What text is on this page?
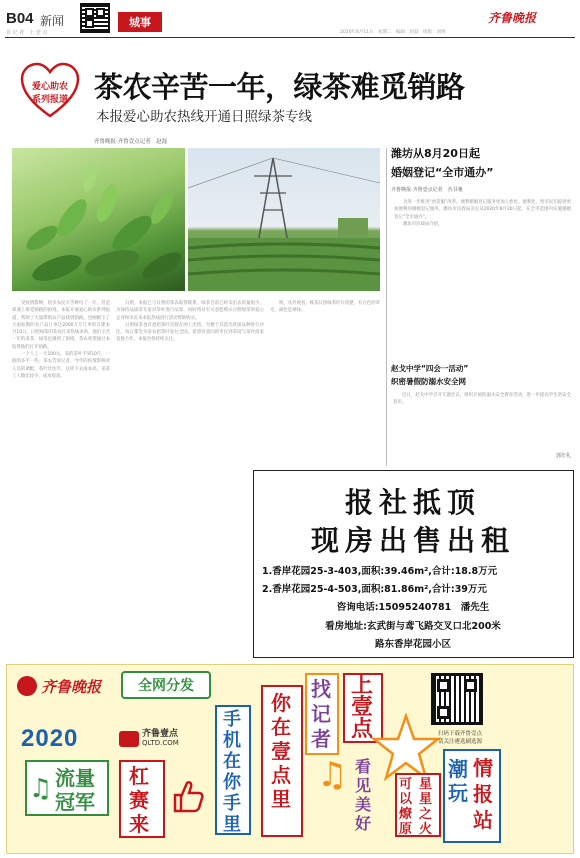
B04 新闻
首 记 者　上 壹 点
城事	齐鲁晚报
2020年8月11日　星期二　编辑：赵磊　组版：刘悦
爱心助农
系列报道 茶农辛苦一年，绿茶难觅销路
本报爱心助农热线开通日照绿茶专线
齐鲁晚报·齐鲁壹点记者　赵磊

受疫情影响，很多农民辛苦种出了一年，但是却遇上难觅销路的困境。本报开通爱心助农系列报道，帮助了大量滞销农产品找到销路。也刚刚下了大雨如数的农产品订单达2000万斤订单的在建本月10日，日照绿茶的茶农打来热线求助，他们辛苦一年的采茶，绿茶也遇到了困境，茶农希望通过本报帮他们打开销路。

一个人工一天100元。采的茶叶不到10斤，一般的多手一些。茶农告诉记者，今年的疫情影响对人员的调配，茶叶比往年，这样下去成本高，采茶工人数比较少，成本很高。

日照，本报已与日照的茶农取得联系，绿茶目前已经卖出去的量很少。为保持品质茶专家对茶叶进行品鉴，同时将对有关意愿购买日照绿茶的爱心企业和市民来本报热线进行活动帮助购买。

日照绿茶也有意把茶叶直接在网上出售，为便于其选出优质品种进行评比，每日都会为茶农把茶叶发往全国。希望有意向的市民到茶园与茶叶商家直接合作。本报也将持续关注。

购，从外观看，帐茶日照绿茶叶片清楚，有白色的茸毛，颜色是翠绿。

潍坊从8月20日起
婚姻登记“全市通办”
齐鲁晚报·齐鲁壹点记者　丛书驰

为进一步推进“放管服”改革，便利婚姻登记服务更加人性化、便利化，给市民们提供更加便利的婚姻登记服务，潍坊市民政局决定从2020年8月20日起，在全市范围内实施婚姻登记“全市通办”。

潍坊市民政局介绍，

赵戈中学“四会一活动”
织密暑假防溺水安全网

近日，赵戈中学召开专题会议，组织开展防溺水安全教育活动，进一步提高学生的安全意识。

郭仕礼
报社抵顶
现房出售出租
1.香岸花园25-3-403,面积:39.46m²,合计:18.8万元
2.香岸花园25-4-503,面积:81.86m²,合计:39万元
咨询电话:15095240781　潘先生
看房地址:玄武街与鸢飞路交叉口北200米
路东香岸花园小区
齐鲁晚报	全网分发
2020	齐鲁壹点
QLTD.COM
♫ 流量冠军
杠赛来
手机在你手里
你在壹点里
找记者
上壹点
♫ 看见美好
可以燎原
星星之火
潮玩
情报站
扫码下载齐鲁壹点
请关注遴选刷选源
